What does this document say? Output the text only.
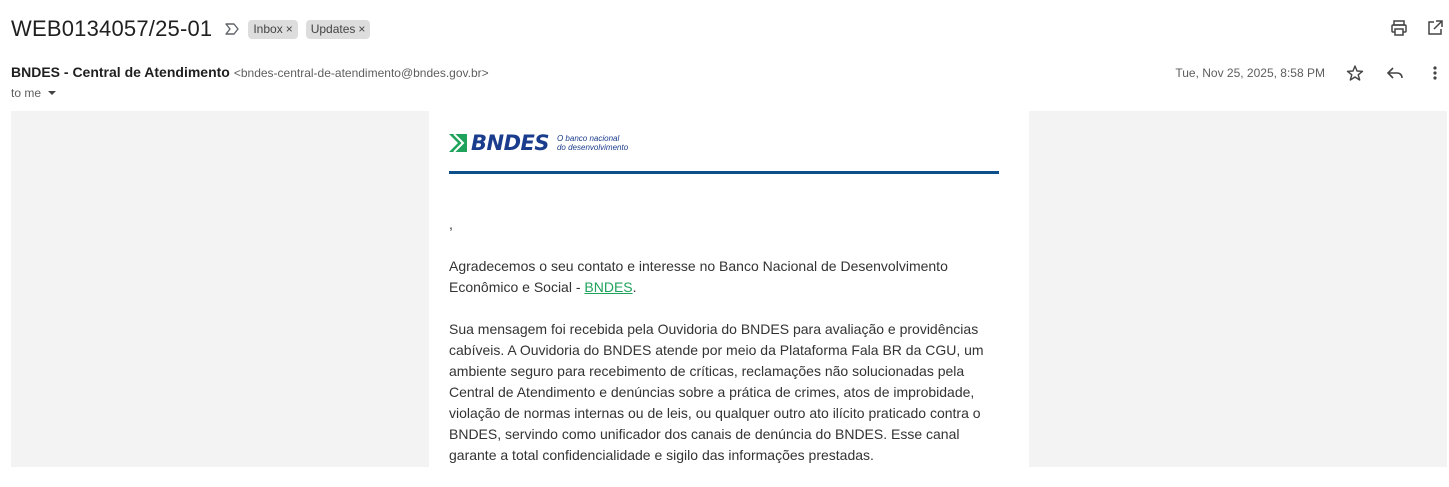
WEB0134057/25-01	Inbox × Updates ×
BNDES - Central de Atendimento <bndes-central-de-atendimento@bndes.gov.br>
to me
Tue, Nov 25, 2025, 8:58 PM
BNDES O banco nacional
do desenvolvimento
,

Agradecemos o seu contato e interesse no Banco Nacional de Desenvolvimento Econômico e Social - BNDES.

Sua mensagem foi recebida pela Ouvidoria do BNDES para avaliação e providências cabíveis. A Ouvidoria do BNDES atende por meio da Plataforma Fala BR da CGU, um ambiente seguro para recebimento de críticas, reclamações não solucionadas pela Central de Atendimento e denúncias sobre a prática de crimes, atos de improbidade, violação de normas internas ou de leis, ou qualquer outro ato ilícito praticado contra o BNDES, servindo como unificador dos canais de denúncia do BNDES. Esse canal garante a total confidencialidade e sigilo das informações prestadas.
